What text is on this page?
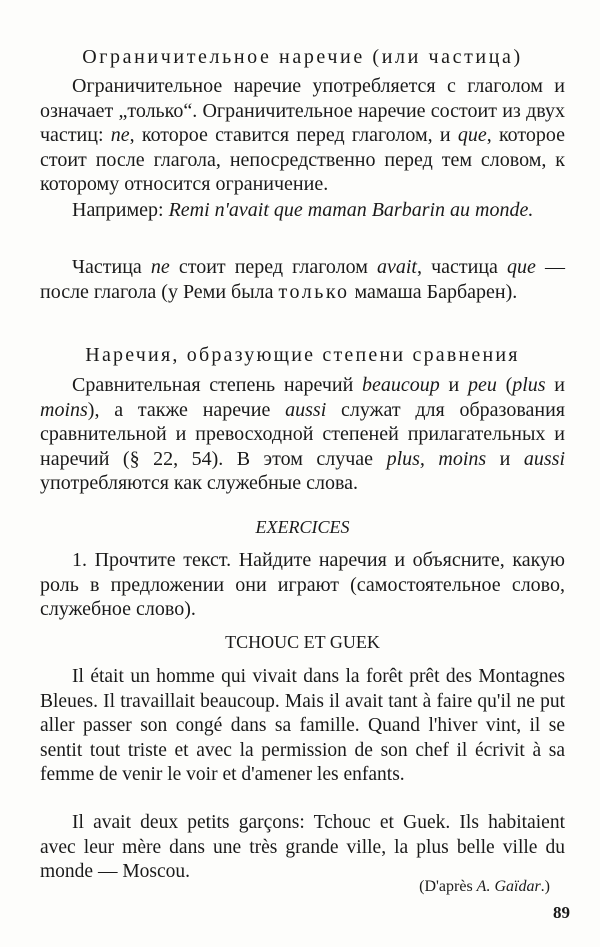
Ограничительное наречие (или частица)

Ограничительное наречие употребляется с глаголом и означает „только“. Ограничительное наречие состоит из двух частиц: ne, которое ставится перед глаголом, и que, которое стоит после глагола, непосредственно перед тем словом, к которому относится ограничение.

Например: Remi n'avait que maman Barbarin au monde.

Частица ne стоит перед глаголом avait, частица que — после глагола (у Реми была только мамаша Барбарен).

Наречия, образующие степени сравнения

Сравнительная степень наречий beaucoup и peu (plus и moins), а также наречие aussi служат для образования сравнительной и превосходной степеней прилагательных и наречий (§ 22, 54). В этом случае plus, moins и aussi употребляются как служебные слова.

EXERCICES

1. Прочтите текст. Найдите наречия и объясните, какую роль в предложении они играют (самостоятельное слово, служебное слово).

TCHOUC ET GUEK

Il était un homme qui vivait dans la forêt prêt des Montagnes Bleues. Il travaillait beaucoup. Mais il avait tant à faire qu'il ne put aller passer son congé dans sa famille. Quand l'hiver vint, il se sentit tout triste et avec la permission de son chef il écrivit à sa femme de venir le voir et d'amener les enfants.

Il avait deux petits garçons: Tchouc et Guek. Ils habitaient avec leur mère dans une très grande ville, la plus belle ville du monde — Moscou.

(D'après A. Gaïdar.)

89
